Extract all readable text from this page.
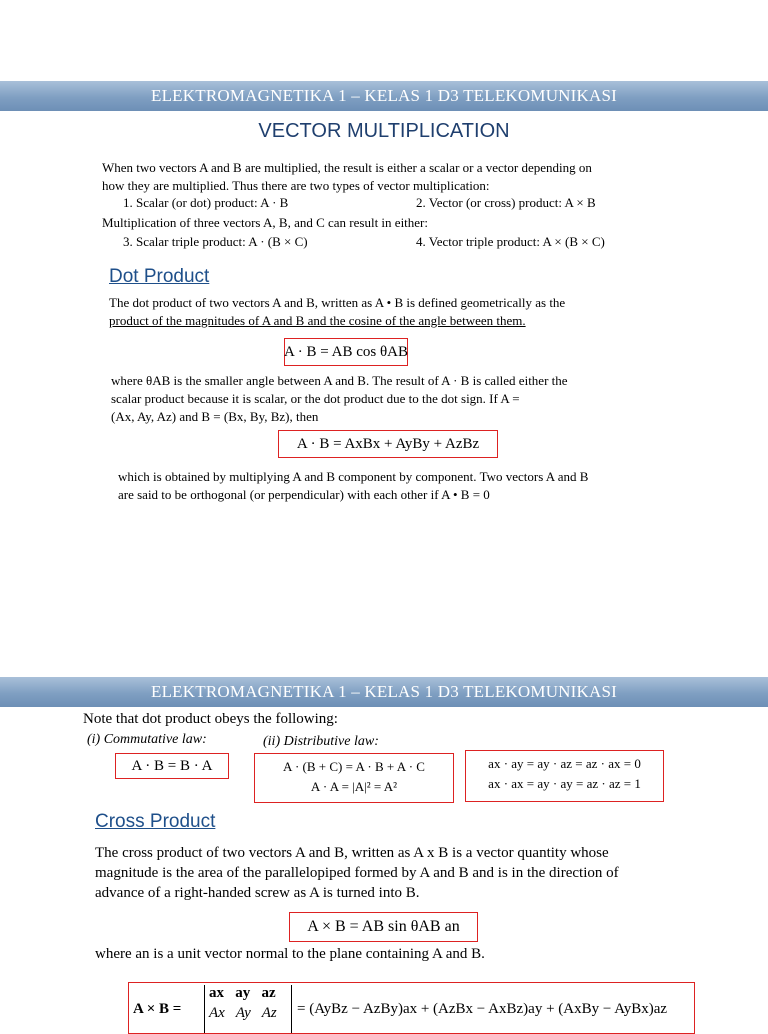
ELEKTROMAGNETIKA 1 – KELAS 1 D3 TELEKOMUNIKASI
VECTOR MULTIPLICATION
When two vectors A and B are multiplied, the result is either a scalar or a vector depending on
how they are multiplied. Thus there are two types of vector multiplication:
1. Scalar (or dot) product: A · B	2. Vector (or cross) product: A × B
Multiplication of three vectors A, B, and C can result in either:
3. Scalar triple product: A · (B × C)	4. Vector triple product: A × (B × C)
Dot Product
The dot product of two vectors A and B, written as A • B is defined geometrically as the
product of the magnitudes of A and B and the cosine of the angle between them.
A · B = AB cos θAB
where θAB is the smaller angle between A and B. The result of A · B is called either the
scalar product because it is scalar, or the dot product due to the dot sign. If A =
(Ax, Ay, Az) and B = (Bx, By, Bz), then
A · B = AxBx + AyBy + AzBz
which is obtained by multiplying A and B component by component. Two vectors A and B
are said to be orthogonal (or perpendicular) with each other if A • B = 0
ELEKTROMAGNETIKA 1 – KELAS 1 D3 TELEKOMUNIKASI
Note that dot product obeys the following:
(i) Commutative law:	(ii) Distributive law:
A · B = B · A	A · (B + C) = A · B + A · C
A · A = |A|² = A²
ax · ay = ay · az = az · ax = 0
ax · ax = ay · ay = az · az = 1
Cross Product
The cross product of two vectors A and B, written as A x B is a vector quantity whose
magnitude is the area of the parallelopiped formed by A and B and is in the direction of
advance of a right-handed screw as A is turned into B.
A × B = AB sin θAB an
where an is a unit vector normal to the plane containing A and B.
A × B =
ax   ay   az
Ax   Ay   Az = (AyBz − AzBy)ax + (AzBx − AxBz)ay + (AxBy − AyBx)az
